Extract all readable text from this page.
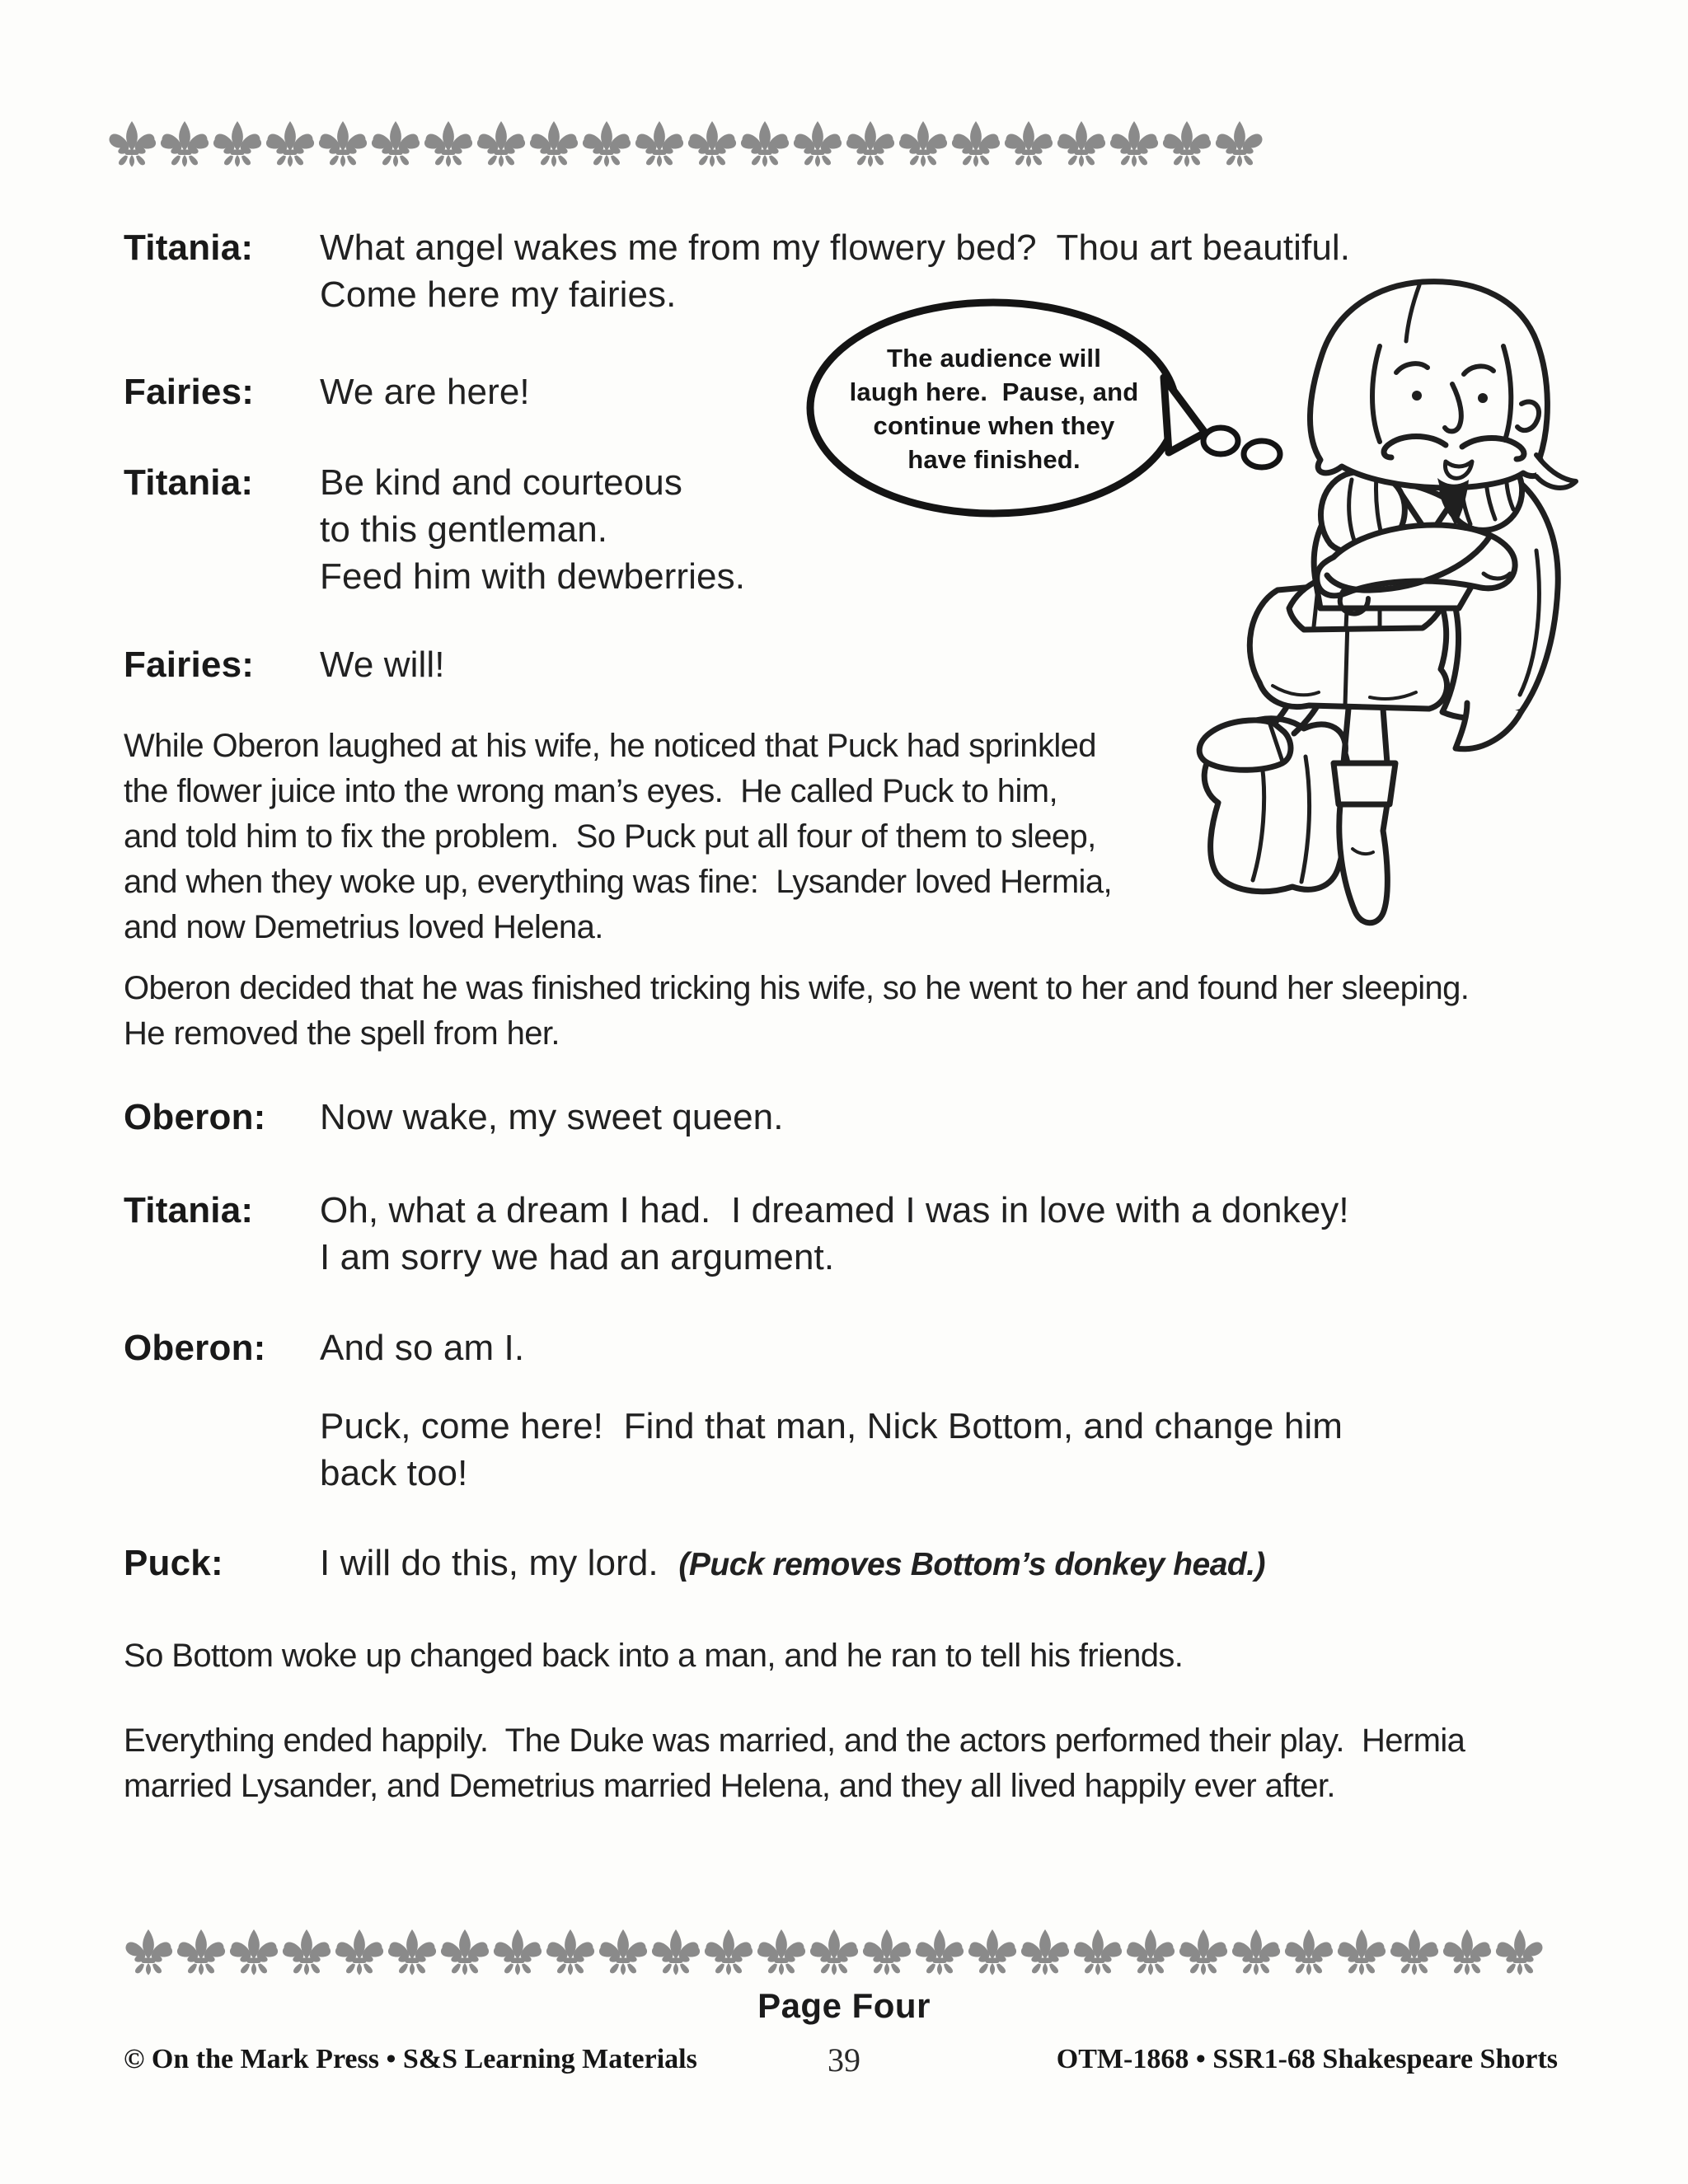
Titania: What angel wakes me from my flowery bed?  Thou art beautiful.
Come here my fairies.
Fairies: We are here!
Titania: Be kind and courteous
to this gentleman.
Feed him with dewberries.
Fairies: We will!
Oberon: Now wake, my sweet queen.
Titania: Oh, what a dream I had.  I dreamed I was in love with a donkey!
I am sorry we had an argument.
Oberon: And so am I.
Puck, come here!  Find that man, Nick Bottom, and change him
back too!
Puck:	I will do this, my lord.  (Puck removes Bottom’s donkey head.)
While Oberon laughed at his wife, he noticed that Puck had sprinkled
the flower juice into the wrong man’s eyes.  He called Puck to him,
and told him to fix the problem.  So Puck put all four of them to sleep,
and when they woke up, everything was fine:  Lysander loved Hermia,
and now Demetrius loved Helena.
Oberon decided that he was finished tricking his wife, so he went to her and found her sleeping.
He removed the spell from her.
So Bottom woke up changed back into a man, and he ran to tell his friends.
Everything ended happily.  The Duke was married, and the actors performed their play.  Hermia
married Lysander, and Demetrius married Helena, and they all lived happily ever after.
The audience will
laugh here.  Pause, and
continue when they
have finished.
Page Four
© On the Mark Press • S&S Learning Materials	39	OTM-1868 • SSR1-68 Shakespeare Shorts
